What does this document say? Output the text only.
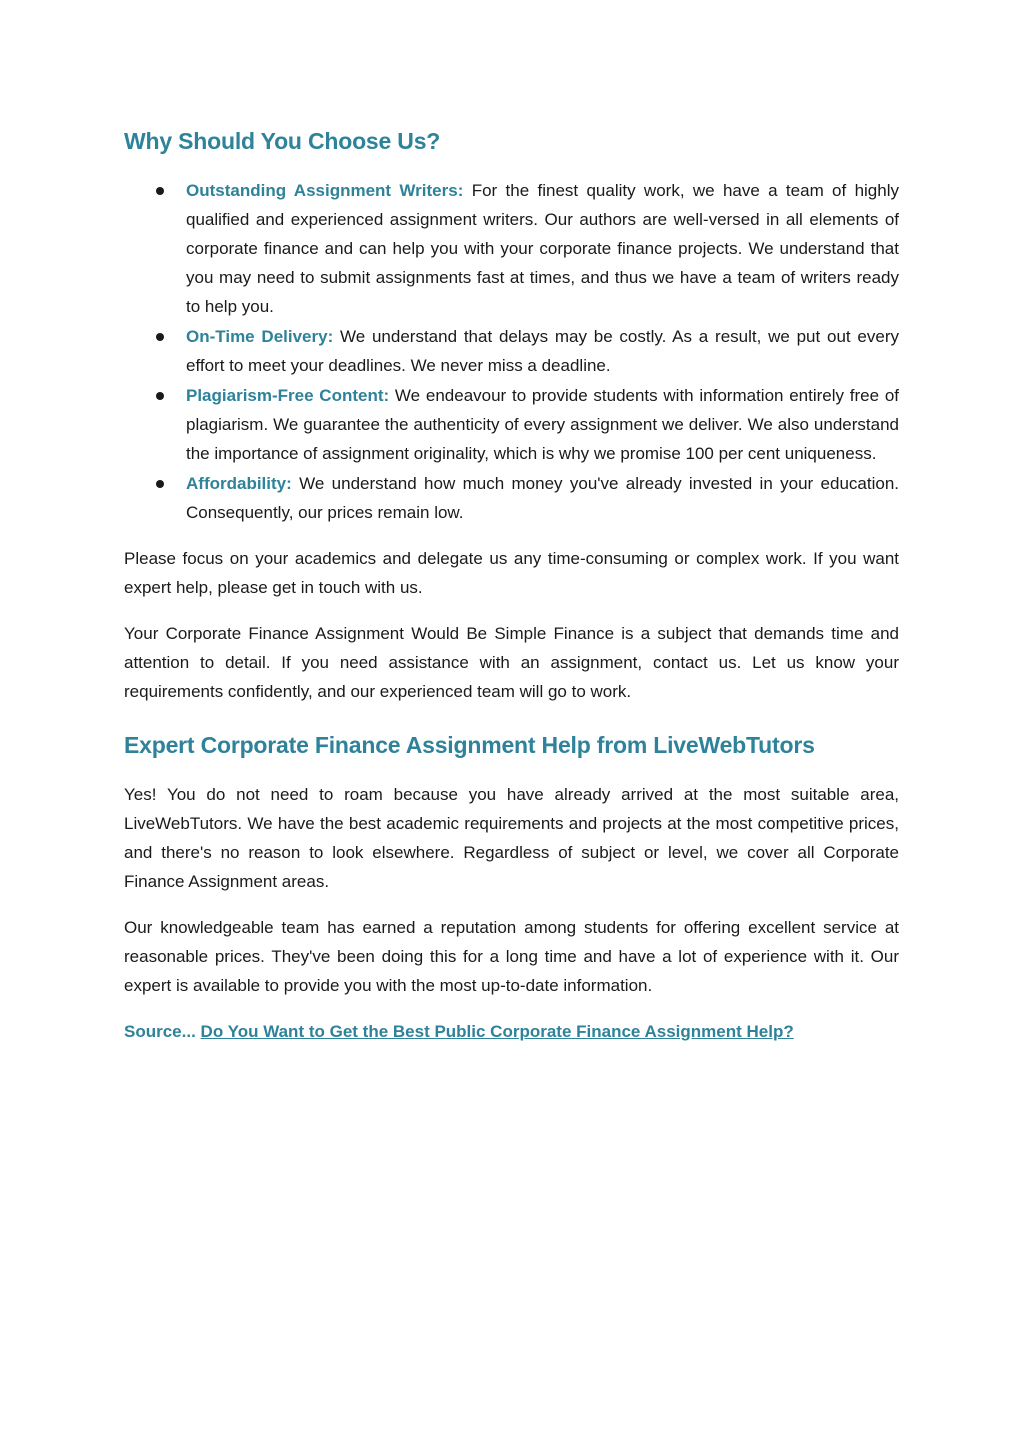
Why Should You Choose Us?
Outstanding Assignment Writers: For the finest quality work, we have a team of highly qualified and experienced assignment writers. Our authors are well-versed in all elements of corporate finance and can help you with your corporate finance projects. We understand that you may need to submit assignments fast at times, and thus we have a team of writers ready to help you.
On-Time Delivery: We understand that delays may be costly. As a result, we put out every effort to meet your deadlines. We never miss a deadline.
Plagiarism-Free Content: We endeavour to provide students with information entirely free of plagiarism. We guarantee the authenticity of every assignment we deliver. We also understand the importance of assignment originality, which is why we promise 100 per cent uniqueness.
Affordability: We understand how much money you've already invested in your education. Consequently, our prices remain low.

Please focus on your academics and delegate us any time-consuming or complex work. If you want expert help, please get in touch with us.

Your Corporate Finance Assignment Would Be Simple Finance is a subject that demands time and attention to detail. If you need assistance with an assignment, contact us. Let us know your requirements confidently, and our experienced team will go to work.

Expert Corporate Finance Assignment Help from LiveWebTutors

Yes! You do not need to roam because you have already arrived at the most suitable area, LiveWebTutors. We have the best academic requirements and projects at the most competitive prices, and there's no reason to look elsewhere. Regardless of subject or level, we cover all Corporate Finance Assignment areas.

Our knowledgeable team has earned a reputation among students for offering excellent service at reasonable prices. They've been doing this for a long time and have a lot of experience with it. Our expert is available to provide you with the most up-to-date information.

Source... Do You Want to Get the Best Public Corporate Finance Assignment Help?
